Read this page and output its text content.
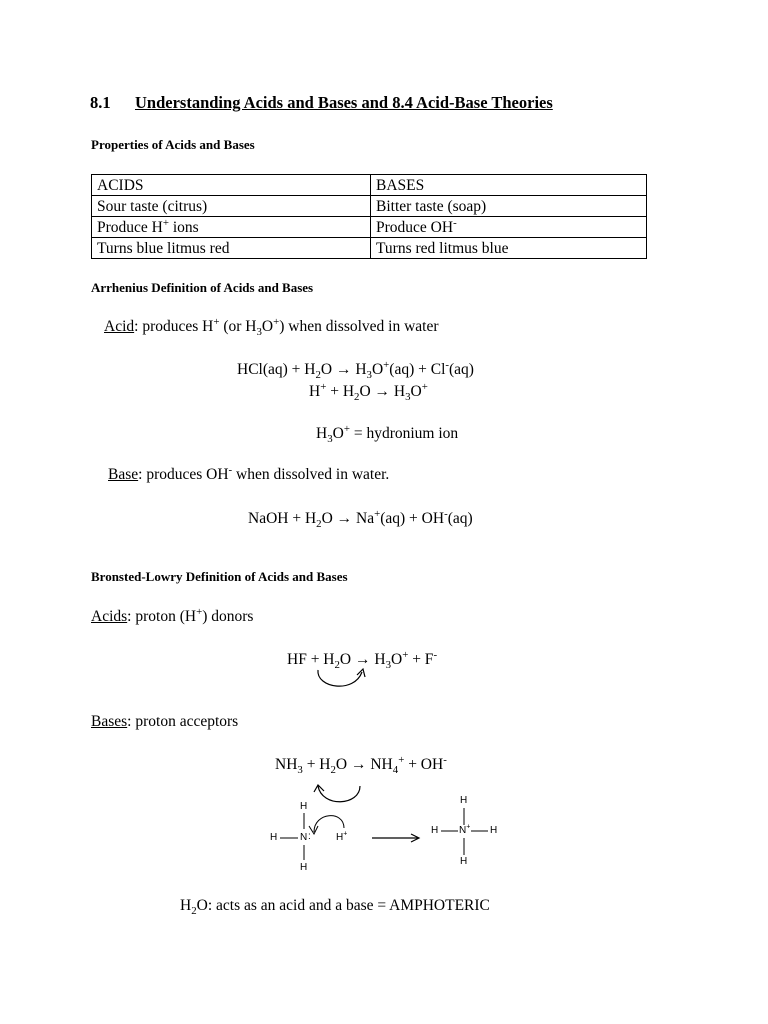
8.1 Understanding Acids and Bases and 8.4 Acid-Base Theories
Properties of Acids and Bases
ACIDS	BASES
Sour taste (citrus)	Bitter taste (soap)
Produce H+ ions	Produce OH-
Turns blue litmus red	Turns red litmus blue
Arrhenius Definition of Acids and Bases
Acid: produces H+ (or $H_3O^+$) when dissolved in water
$HCl(aq) + H_2O \to H_3O^+(aq) + Cl^-(aq)$
$H^+ + H_2O \to H_3O^+$
$H_3O^+$ = hydronium ion
Base: produces OH- when dissolved in water.
NaOH + $H_2O \to Na^+(aq) + OH^-(aq)$
Bronsted-Lowry Definition of Acids and Bases
Acids: proton (H+) donors
HF + $H_2O \to H_3O^+ + F^-$
Bases: proton acceptors
$NH_3 + H_2O \to NH_4^+ + OH^-$
H
H N :
H
H+
H
H N+ H
H
$H_2O$: acts as an acid and a base = AMPHOTERIC
